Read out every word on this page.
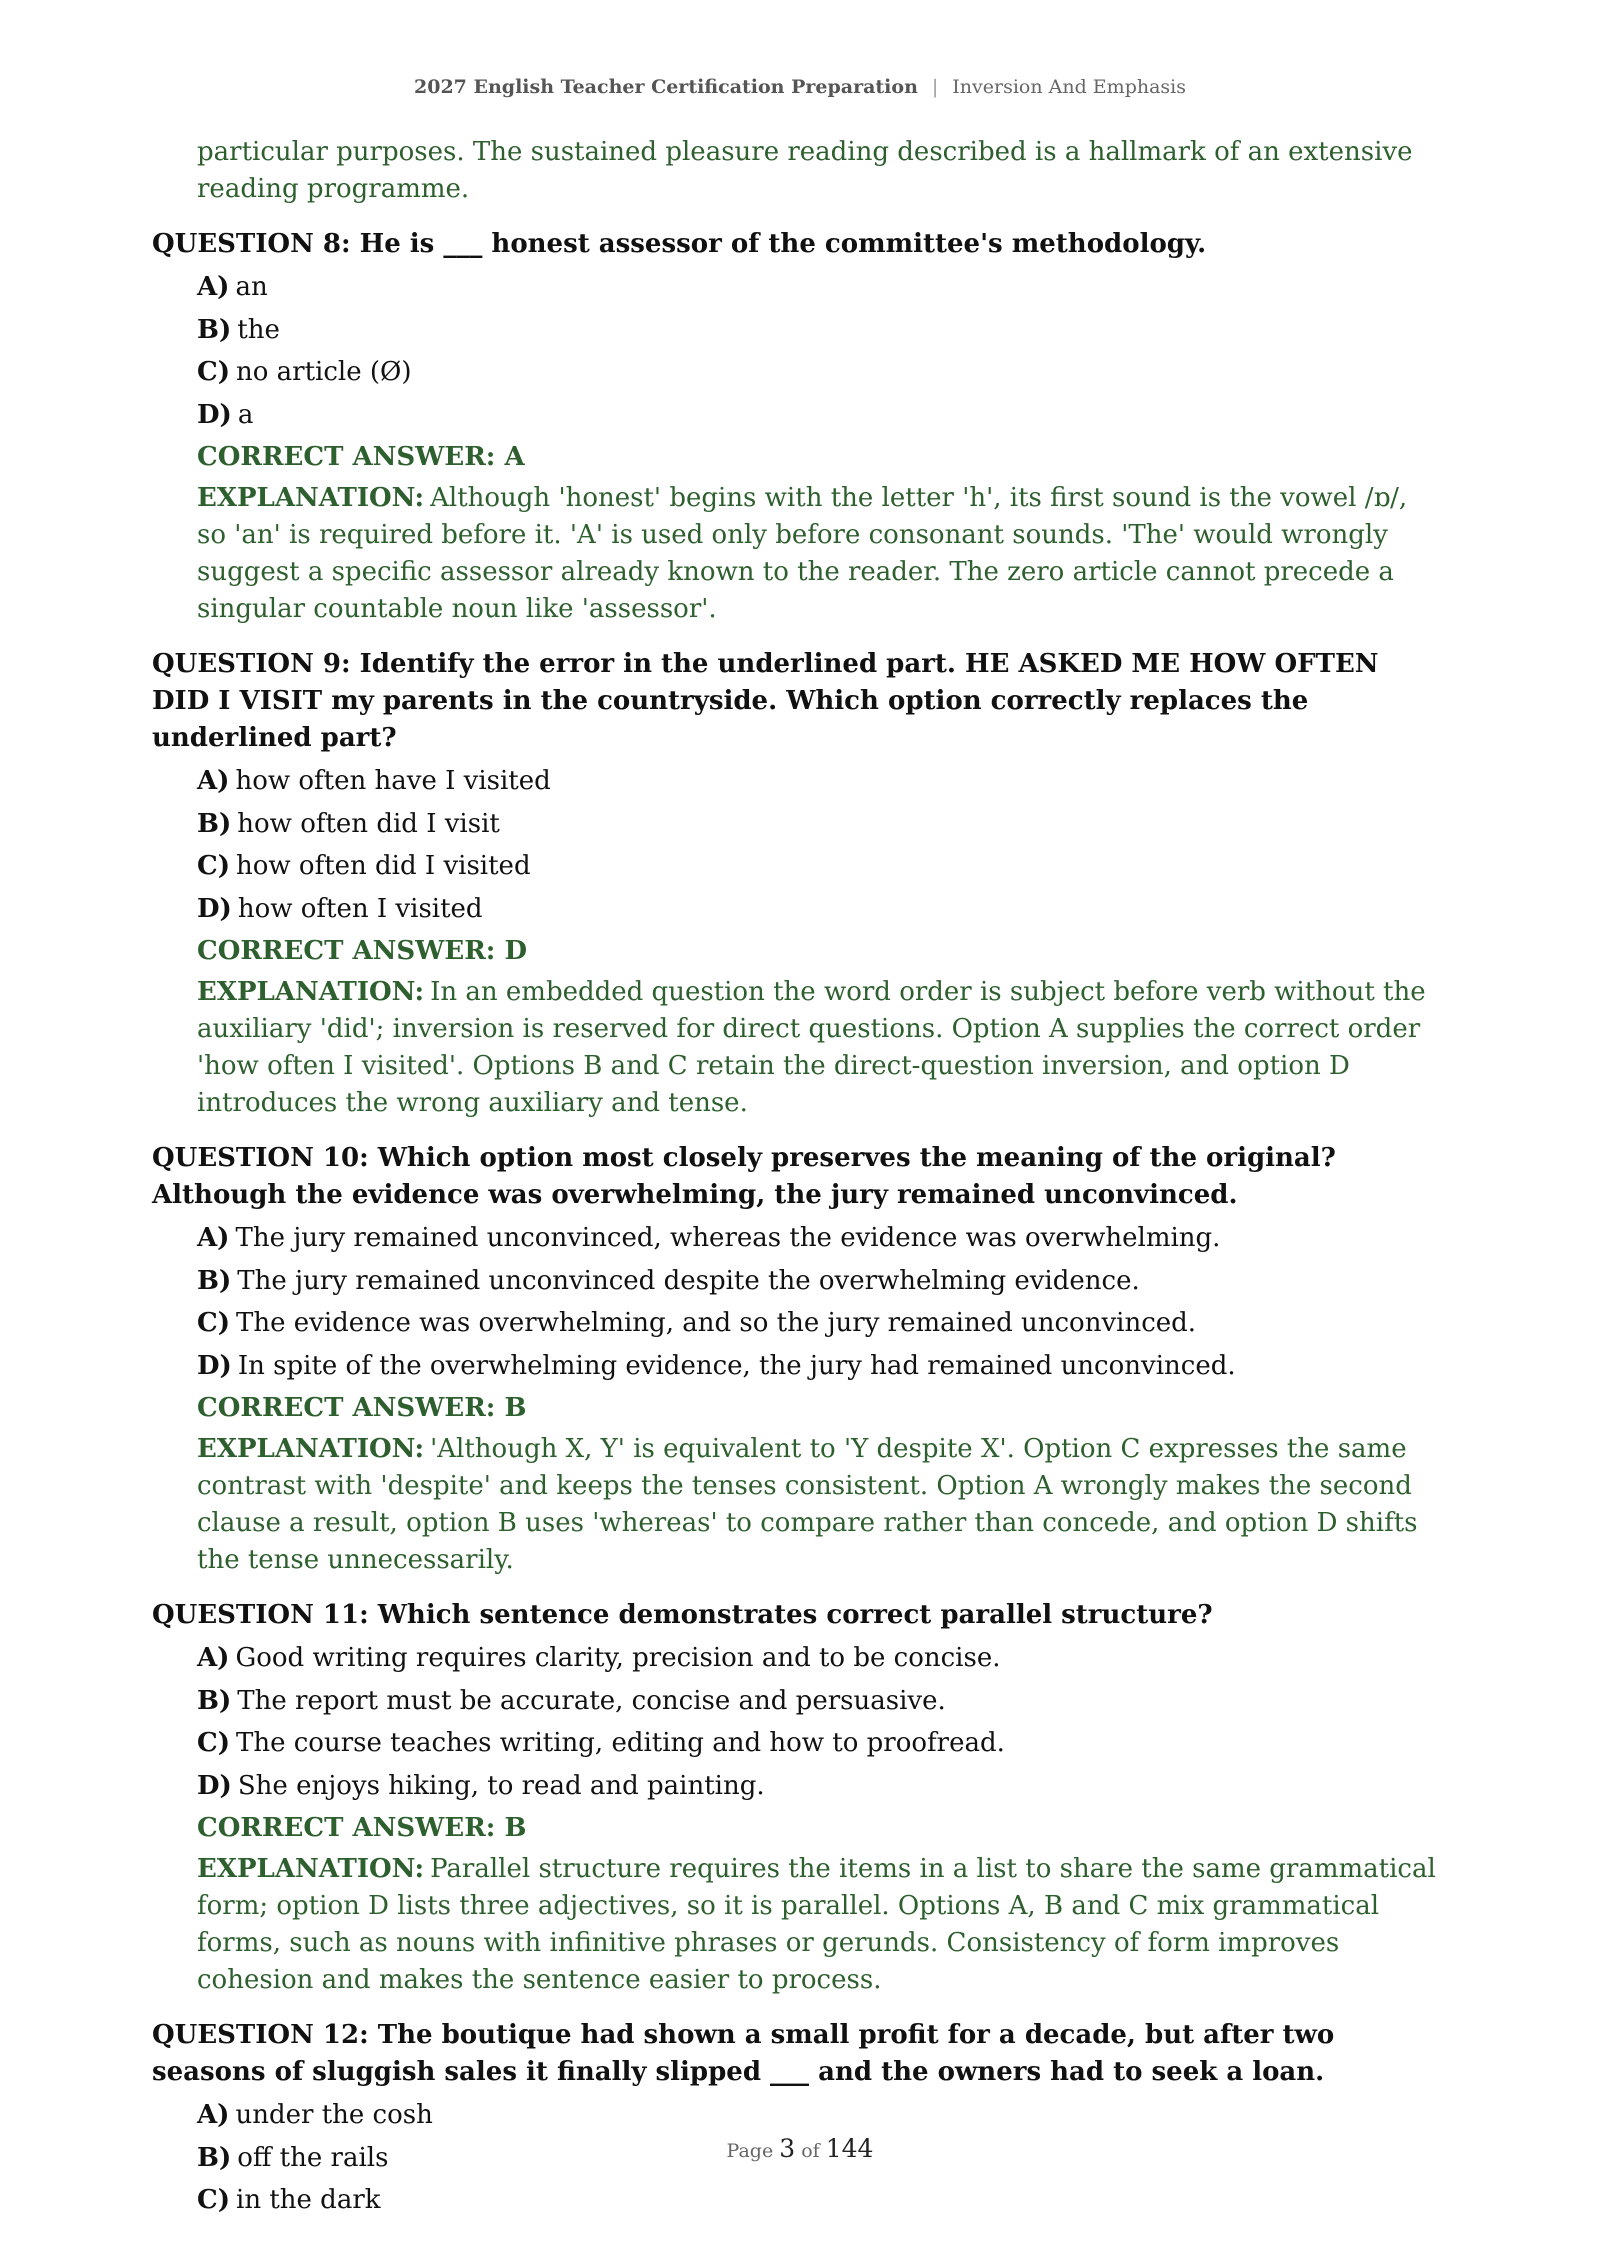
2027 English Teacher Certification Preparation | Inversion And Emphasis

particular purposes. The sustained pleasure reading described is a hallmark of an extensive reading programme.

QUESTION 8: He is ___ honest assessor of the committee's methodology.

A) an
B) the
C) no article (Ø)
D) a

CORRECT ANSWER: A

EXPLANATION: Although 'honest' begins with the letter 'h', its first sound is the vowel /ɒ/, so 'an' is required before it. 'A' is used only before consonant sounds. 'The' would wrongly suggest a specific assessor already known to the reader. The zero article cannot precede a singular countable noun like 'assessor'.

QUESTION 9: Identify the error in the underlined part. HE ASKED ME HOW OFTEN DID I VISIT my parents in the countryside. Which option correctly replaces the underlined part?

A) how often have I visited
B) how often did I visit
C) how often did I visited
D) how often I visited

CORRECT ANSWER: D

EXPLANATION: In an embedded question the word order is subject before verb without the auxiliary 'did'; inversion is reserved for direct questions. Option A supplies the correct order 'how often I visited'. Options B and C retain the direct-question inversion, and option D introduces the wrong auxiliary and tense.

QUESTION 10: Which option most closely preserves the meaning of the original? Although the evidence was overwhelming, the jury remained unconvinced.

A) The jury remained unconvinced, whereas the evidence was overwhelming.
B) The jury remained unconvinced despite the overwhelming evidence.
C) The evidence was overwhelming, and so the jury remained unconvinced.
D) In spite of the overwhelming evidence, the jury had remained unconvinced.

CORRECT ANSWER: B

EXPLANATION: 'Although X, Y' is equivalent to 'Y despite X'. Option C expresses the same contrast with 'despite' and keeps the tenses consistent. Option A wrongly makes the second clause a result, option B uses 'whereas' to compare rather than concede, and option D shifts the tense unnecessarily.

QUESTION 11: Which sentence demonstrates correct parallel structure?

A) Good writing requires clarity, precision and to be concise.
B) The report must be accurate, concise and persuasive.
C) The course teaches writing, editing and how to proofread.
D) She enjoys hiking, to read and painting.

CORRECT ANSWER: B

EXPLANATION: Parallel structure requires the items in a list to share the same grammatical form; option D lists three adjectives, so it is parallel. Options A, B and C mix grammatical forms, such as nouns with infinitive phrases or gerunds. Consistency of form improves cohesion and makes the sentence easier to process.

QUESTION 12: The boutique had shown a small profit for a decade, but after two seasons of sluggish sales it finally slipped ___ and the owners had to seek a loan.

A) under the cosh
B) off the rails
C) in the dark
Page 3 of 144
